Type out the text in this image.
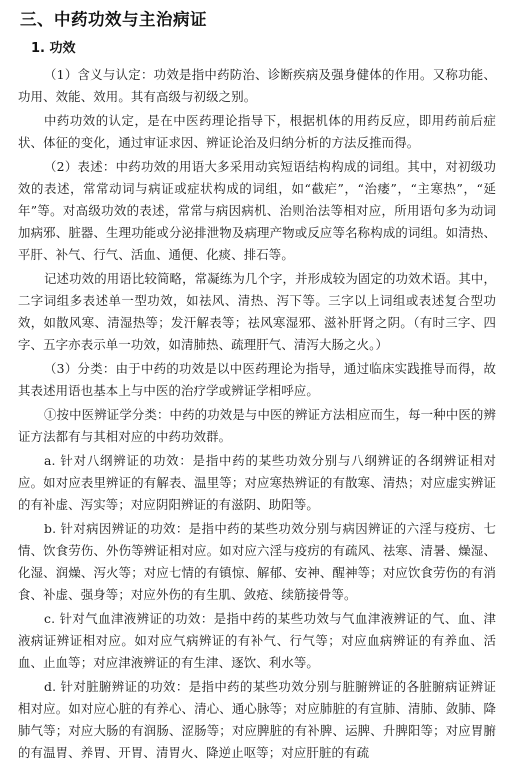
三、中药功效与主治病证
1. 功效

（1）含义与认定：功效是指中药防治、诊断疾病及强身健体的作用。又称功能、功用、效能、效用。其有高级与初级之别。

中药功效的认定，是在中医药理论指导下，根据机体的用药反应，即用药前后症状、体征的变化，通过审证求因、辨证论治及归纳分析的方法反推而得。

（2）表述：中药功效的用语大多采用动宾短语结构构成的词组。其中，对初级功效的表述，常常动词与病证或症状构成的词组，如“截疟”，“治瘘”，“主寒热”，“延年”等。对高级功效的表述，常常与病因病机、治则治法等相对应，所用语句多为动词加病邪、脏器、生理功能或分泌排泄物及病理产物或反应等名称构成的词组。如清热、平肝、补气、行气、活血、通便、化痰、排石等。

记述功效的用语比较简略，常凝练为几个字，并形成较为固定的功效术语。其中，二字词组多表述单一型功效，如祛风、清热、泻下等。三字以上词组或表述复合型功效，如散风寒、清湿热等；发汗解表等；祛风寒湿邪、滋补肝肾之阴。（有时三字、四字、五字亦表示单一功效，如清肺热、疏理肝气、清泻大肠之火。）

（3）分类：由于中药的功效是以中医药理论为指导，通过临床实践推导而得，故其表述用语也基本上与中医的治疗学或辨证学相呼应。

①按中医辨证学分类：中药的功效是与中医的辨证方法相应而生，每一种中医的辨证方法都有与其相对应的中药功效群。

a. 针对八纲辨证的功效：是指中药的某些功效分别与八纲辨证的各纲辨证相对应。如对应表里辨证的有解表、温里等；对应寒热辨证的有散寒、清热；对应虚实辨证的有补虚、泻实等；对应阴阳辨证的有滋阴、助阳等。

b. 针对病因辨证的功效：是指中药的某些功效分别与病因辨证的六淫与疫疠、七情、饮食劳伤、外伤等辨证相对应。如对应六淫与疫疠的有疏风、祛寒、清暑、燥湿、化湿、润燥、泻火等；对应七情的有镇惊、解郁、安神、醒神等；对应饮食劳伤的有消食、补虚、强身等；对应外伤的有生肌、敛疮、续筋接骨等。

c. 针对气血津液辨证的功效：是指中药的某些功效与气血津液辨证的气、血、津液病证辨证相对应。如对应气病辨证的有补气、行气等；对应血病辨证的有养血、活血、止血等；对应津液辨证的有生津、逐饮、利水等。

d. 针对脏腑辨证的功效：是指中药的某些功效分别与脏腑辨证的各脏腑病证辨证相对应。如对应心脏的有养心、清心、通心脉等；对应肺脏的有宣肺、清肺、敛肺、降肺气等；对应大肠的有润肠、涩肠等；对应脾脏的有补脾、运脾、升脾阳等；对应胃腑的有温胃、养胃、开胃、清胃火、降逆止呕等；对应肝脏的有疏
